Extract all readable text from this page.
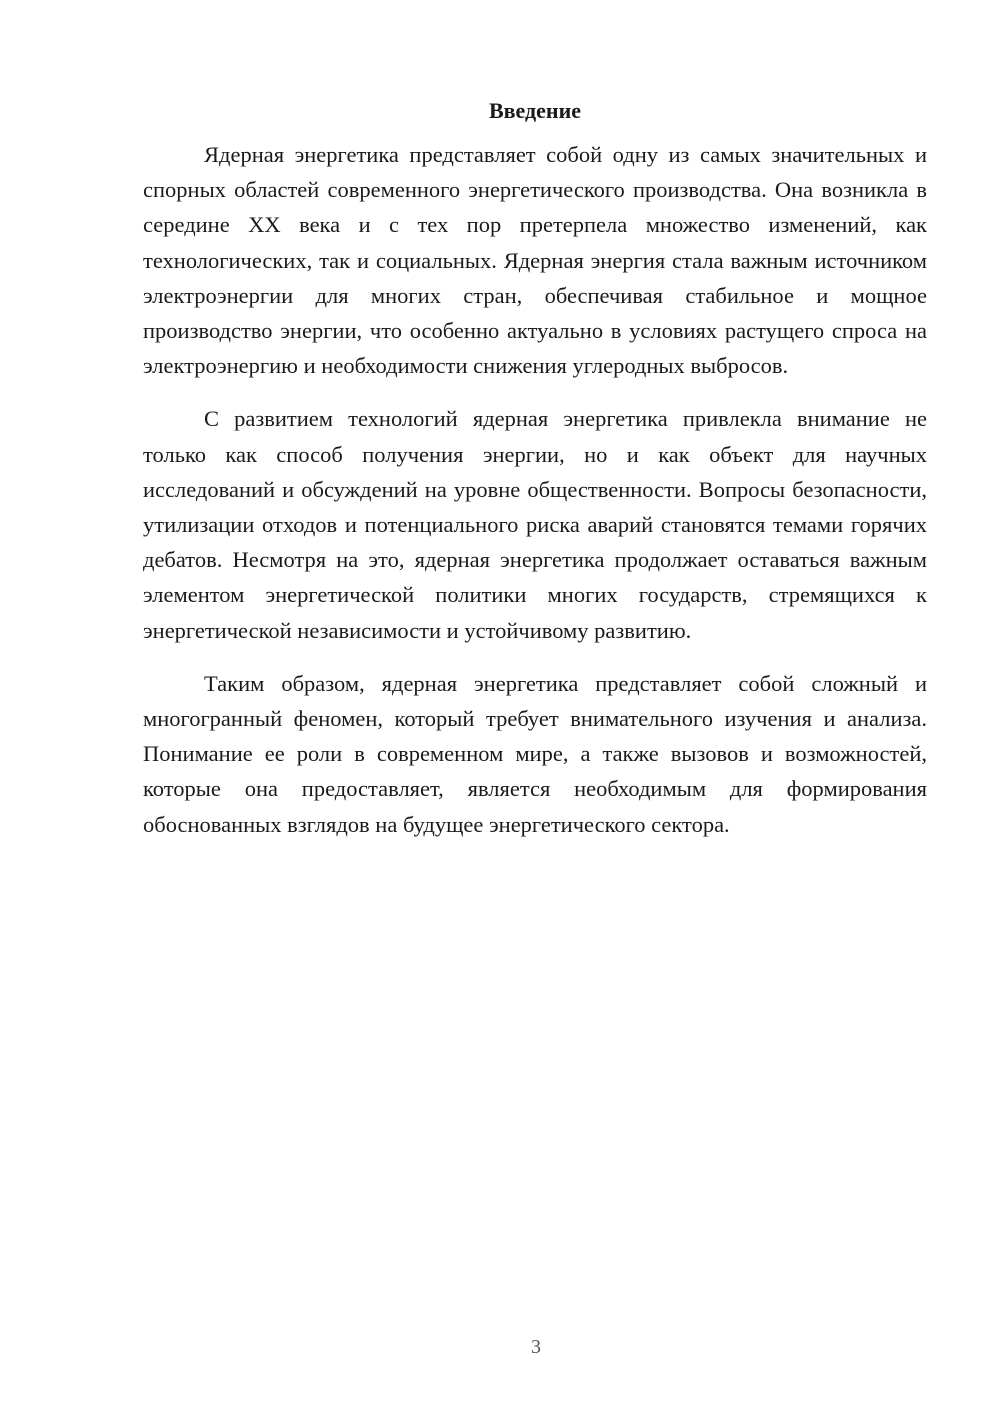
Введение

Ядерная энергетика представляет собой одну из самых значительных и спорных областей современного энергетического производства. Она возникла в середине XX века и с тех пор претерпела множество изменений, как технологических, так и социальных. Ядерная энергия стала важным источником электроэнергии для многих стран, обеспечивая стабильное и мощное производство энергии, что особенно актуально в условиях растущего спроса на электроэнергию и необходимости снижения углеродных выбросов.

С развитием технологий ядерная энергетика привлекла внимание не только как способ получения энергии, но и как объект для научных исследований и обсуждений на уровне общественности. Вопросы безопасности, утилизации отходов и потенциального риска аварий становятся темами горячих дебатов. Несмотря на это, ядерная энергетика продолжает оставаться важным элементом энергетической политики многих государств, стремящихся к энергетической независимости и устойчивому развитию.

Таким образом, ядерная энергетика представляет собой сложный и многогранный феномен, который требует внимательного изучения и анализа. Понимание ее роли в современном мире, а также вызовов и возможностей, которые она предоставляет, является необходимым для формирования обоснованных взглядов на будущее энергетического сектора.

3
